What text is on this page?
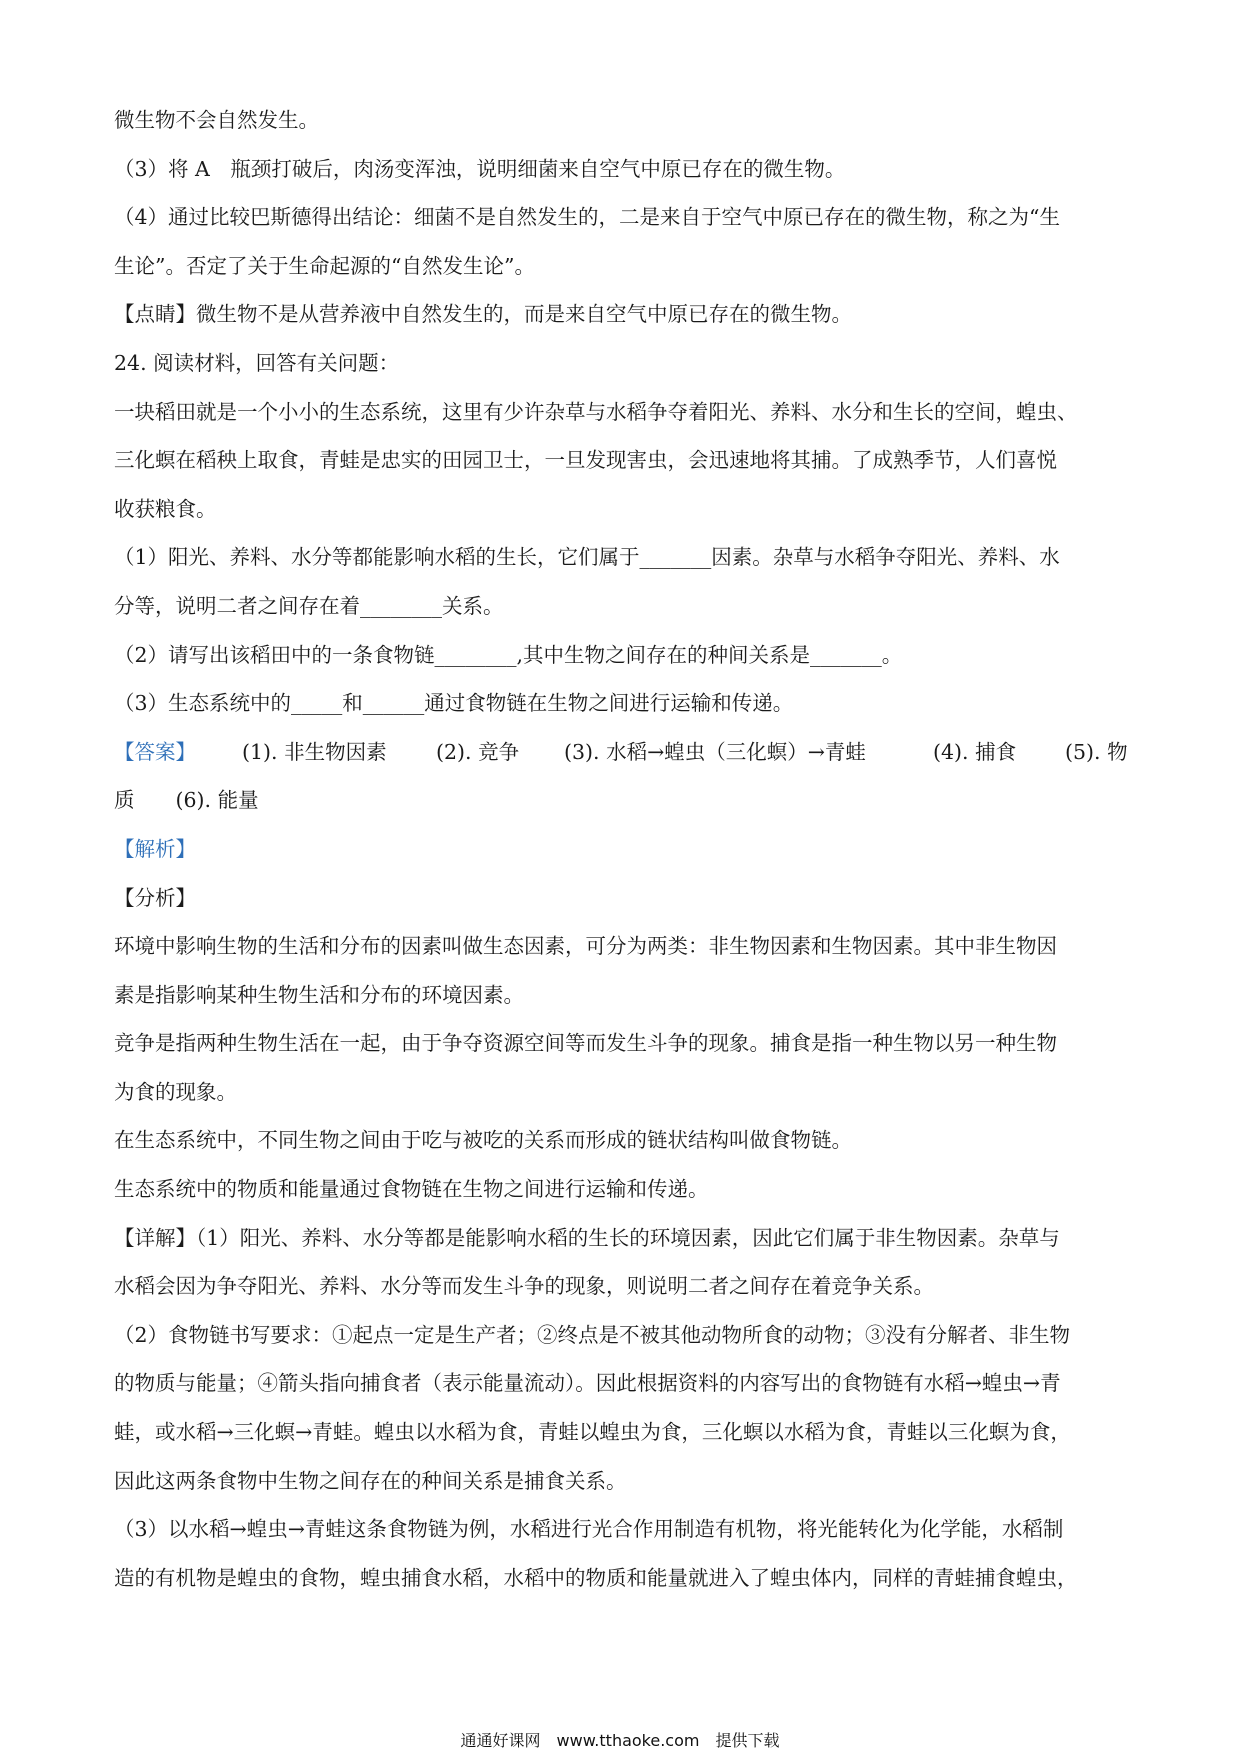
微生物不会自然发生。
（3）将 A　瓶颈打破后，肉汤变浑浊，说明细菌来自空气中原已存在的微生物。
（4）通过比较巴斯德得出结论：细菌不是自然发生的，二是来自于空气中原已存在的微生物，称之为“生
生论”。否定了关于生命起源的“自然发生论”。
【点睛】微生物不是从营养液中自然发生的，而是来自空气中原已存在的微生物。
24. 阅读材料，回答有关问题：
一块稻田就是一个小小的生态系统，这里有少许杂草与水稻争夺着阳光、养料、水分和生长的空间，蝗虫、
三化螟在稻秧上取食，青蛙是忠实的田园卫士，一旦发现害虫，会迅速地将其捕。了成熟季节，人们喜悦
收获粮食。
（1）阳光、养料、水分等都能影响水稻的生长，它们属于_______因素。杂草与水稻争夺阳光、养料、水
分等，说明二者之间存在着________关系。
（2）请写出该稻田中的一条食物链________,其中生物之间存在的种间关系是_______。
（3）生态系统中的_____和______通过食物链在生物之间进行运输和传递。
【答案】	(1). 非生物因素	(2). 竞争	(3). 水稻→蝗虫（三化螟）→青蛙	(4). 捕食	(5). 物
质　　(6). 能量
【解析】
【分析】
环境中影响生物的生活和分布的因素叫做生态因素，可分为两类：非生物因素和生物因素。其中非生物因
素是指影响某种生物生活和分布的环境因素。
竞争是指两种生物生活在一起，由于争夺资源空间等而发生斗争的现象。捕食是指一种生物以另一种生物
为食的现象。
在生态系统中，不同生物之间由于吃与被吃的关系而形成的链状结构叫做食物链。
生态系统中的物质和能量通过食物链在生物之间进行运输和传递。
【详解】（1）阳光、养料、水分等都是能影响水稻的生长的环境因素，因此它们属于非生物因素。杂草与
水稻会因为争夺阳光、养料、水分等而发生斗争的现象，则说明二者之间存在着竞争关系。
（2）食物链书写要求：①起点一定是生产者；②终点是不被其他动物所食的动物；③没有分解者、非生物
的物质与能量；④箭头指向捕食者（表示能量流动）。因此根据资料的内容写出的食物链有水稻→蝗虫→青
蛙，或水稻→三化螟→青蛙。蝗虫以水稻为食，青蛙以蝗虫为食，三化螟以水稻为食，青蛙以三化螟为食，
因此这两条食物中生物之间存在的种间关系是捕食关系。
（3）以水稻→蝗虫→青蛙这条食物链为例，水稻进行光合作用制造有机物，将光能转化为化学能，水稻制
造的有机物是蝗虫的食物，蝗虫捕食水稻，水稻中的物质和能量就进入了蝗虫体内，同样的青蛙捕食蝗虫，
通通好课网　www.tthaoke.com　提供下载
